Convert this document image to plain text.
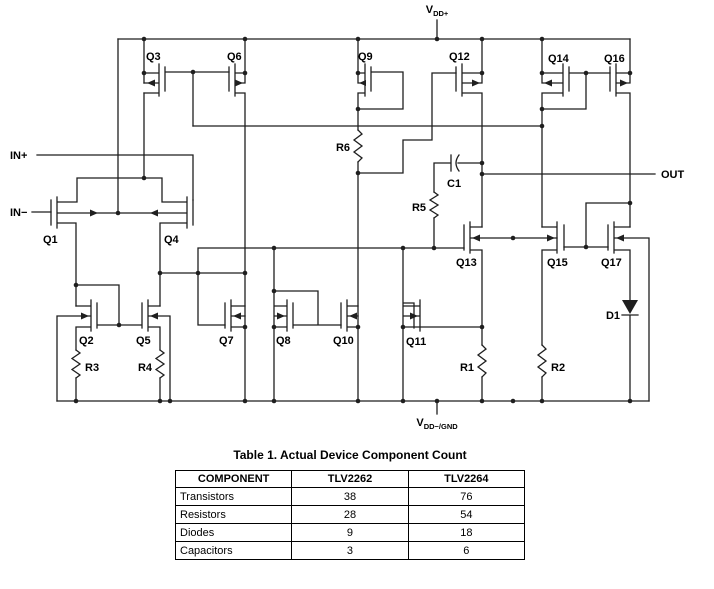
IN+
IN−
OUT
Q1
Q2
Q3
Q4
Q5
Q6
Q7	Q8
Q9
Q10	Q11
Q12
Q13
Q14
Q15
Q16
Q17
R1	R2
R3	R4
R5
R6
C1
D1
$V_{DD+}$
$V_{DD-/GND}$
Table 1. Actual Device Component Count
COMPONENT	TLV2262	TLV2264
Transistors	38	76
Resistors	28	54
Diodes	9	18
Capacitors	3	6
